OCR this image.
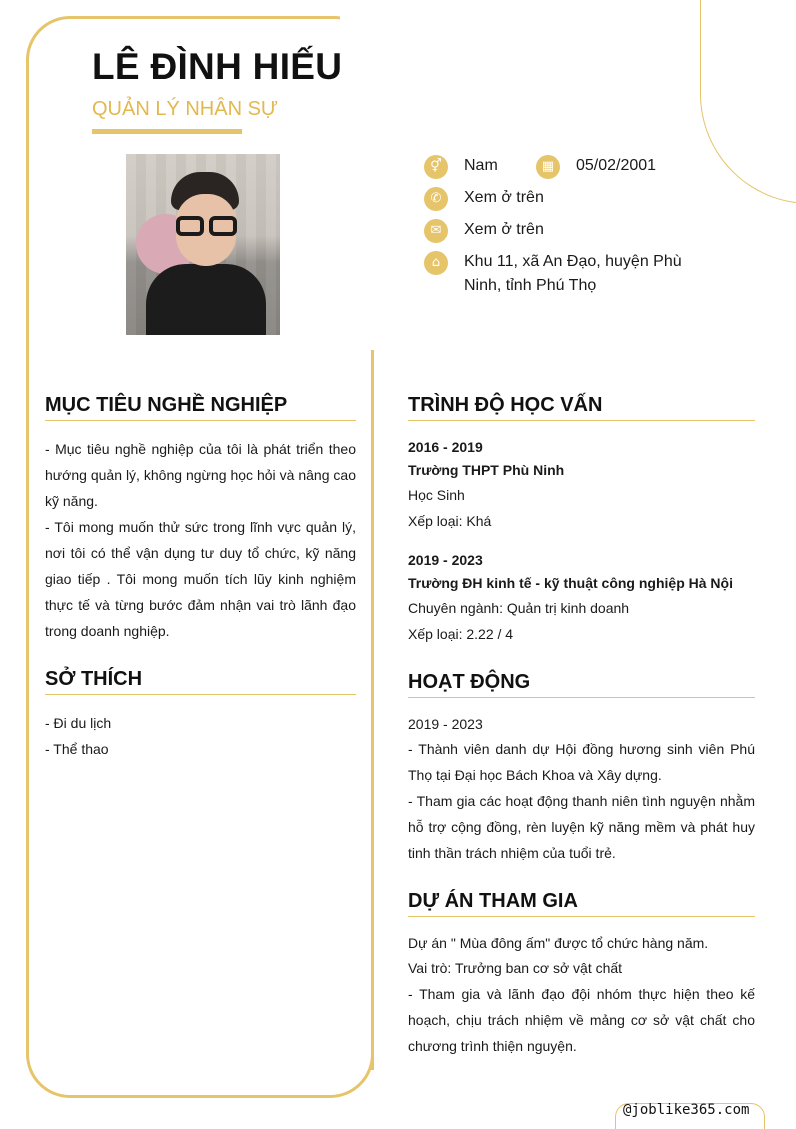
LÊ ĐÌNH HIẾU
QUẢN LÝ NHÂN SỰ
⚥	Nam	▦	05/02/2001
✆	Xem ở trên
✉	Xem ở trên
⌂	Khu 11, xã An Đạo, huyện Phù
Ninh, tỉnh Phú Thọ
MỤC TIÊU NGHỀ NGHIỆP
- Mục tiêu nghề nghiệp của tôi là phát triển theo hướng quản lý, không ngừng học hỏi và nâng cao kỹ năng.
- Tôi mong muốn thử sức trong lĩnh vực quản lý, nơi tôi có thể vận dụng tư duy tổ chức, kỹ năng giao tiếp . Tôi mong muốn tích lũy kinh nghiệm thực tế và từng bước đảm nhận vai trò lãnh đạo trong doanh nghiệp.
SỞ THÍCH
- Đi du lịch
- Thể thao
TRÌNH ĐỘ HỌC VẤN
2016 - 2019
Trường THPT Phù Ninh
Học Sinh
Xếp loại: Khá
2019 - 2023
Trường ĐH kinh tế - kỹ thuật công nghiệp Hà Nội
Chuyên ngành: Quản trị kinh doanh
Xếp loại: 2.22 / 4
HOẠT ĐỘNG
2019 - 2023
- Thành viên danh dự Hội đồng hương sinh viên Phú Thọ tại Đại học Bách Khoa và Xây dựng.
- Tham gia các hoạt động thanh niên tình nguyện nhằm hỗ trợ cộng đồng, rèn luyện kỹ năng mềm và phát huy tinh thần trách nhiệm của tuổi trẻ.
DỰ ÁN THAM GIA
Dự án " Mùa đông ấm" được tổ chức hàng năm.
Vai trò: Trưởng ban cơ sở vật chất
- Tham gia và lãnh đạo đội nhóm thực hiện theo kế hoạch, chịu trách nhiệm về mảng cơ sở vật chất cho chương trình thiện nguyện.
@joblike365.com
